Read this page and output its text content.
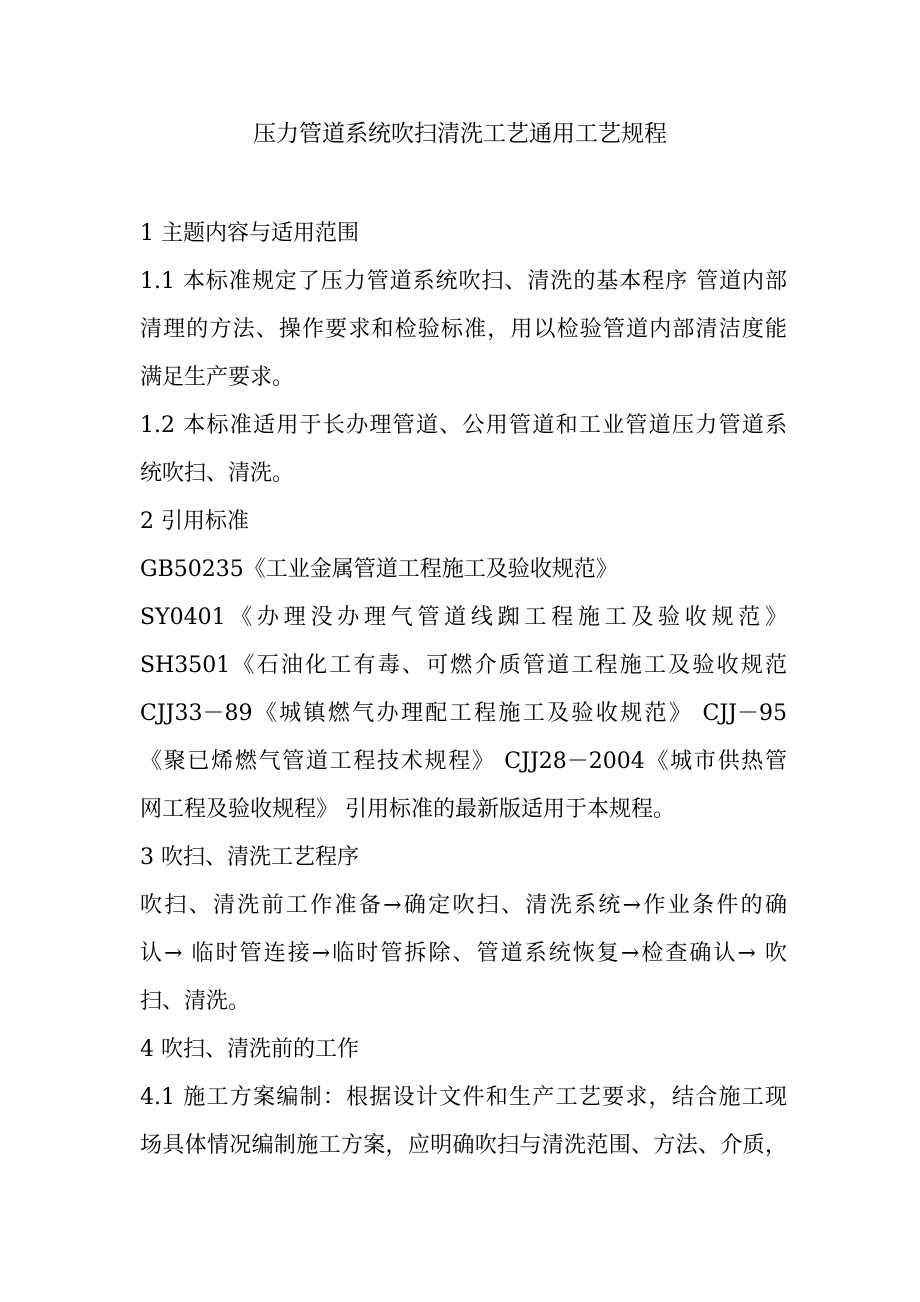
压力管道系统吹扫清洗工艺通用工艺规程
1 主题内容与适用范围
1.1 本标准规定了压力管道系统吹扫、清洗的基本程序 管道内部
清理的方法、操作要求和检验标准，用以检验管道内部清洁度能
满足生产要求。
1.2 本标准适用于长办理管道、公用管道和工业管道压力管道系
统吹扫、清洗。
2 引用标准
GB50235《工业金属管道工程施工及验收规范》
SY0401《办理没办理气管道线踟工程施工及验收规范》
SH3501《石油化工有毒、可燃介质管道工程施工及验收规范
CJJ33－89《城镇燃气办理配工程施工及验收规范》 CJJ－95
《聚已烯燃气管道工程技术规程》 CJJ28－2004《城市供热管
网工程及验收规程》 引用标准的最新版适用于本规程。
3 吹扫、清洗工艺程序
吹扫、清洗前工作准备→确定吹扫、清洗系统→作业条件的确
认→ 临时管连接→临时管拆除、管道系统恢复→检查确认→ 吹
扫、清洗。
4 吹扫、清洗前的工作
4.1 施工方案编制：根据设计文件和生产工艺要求，结合施工现
场具体情况编制施工方案，应明确吹扫与清洗范围、方法、介质，
